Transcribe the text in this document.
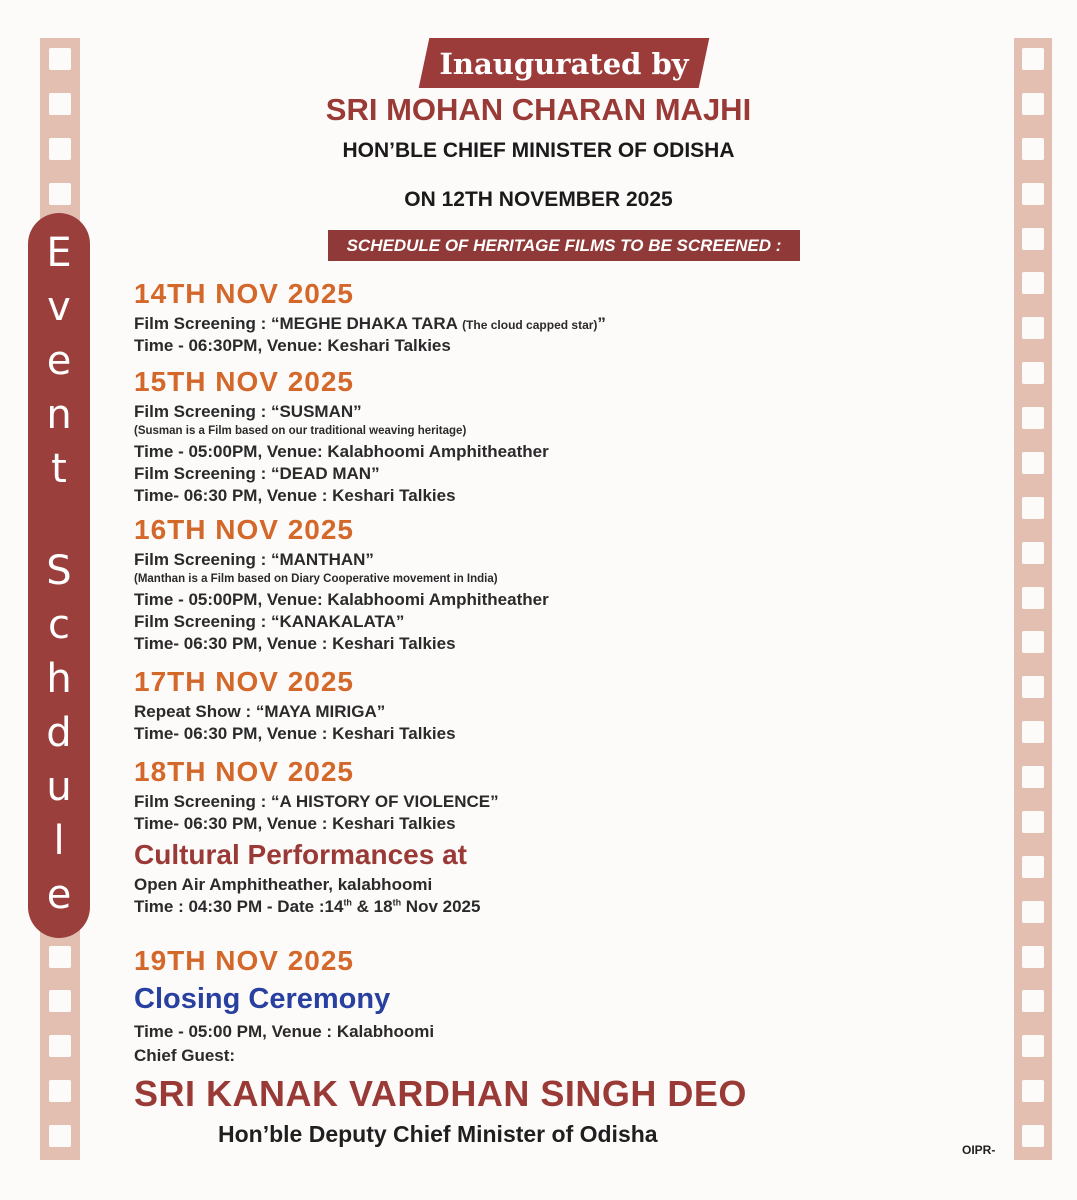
E
v
e
n
t
S
c
h
d
u
l
e
Inaugurated by
SRI MOHAN CHARAN MAJHI
HON’BLE CHIEF MINISTER OF ODISHA
ON 12TH NOVEMBER 2025
SCHEDULE OF HERITAGE FILMS TO BE SCREENED :
14TH NOV 2025
Film Screening : “MEGHE DHAKA TARA (The cloud capped star)”
Time - 06:30PM, Venue: Keshari Talkies
15TH NOV 2025
Film Screening : “SUSMAN”
(Susman is a Film based on our traditional weaving heritage)
Time - 05:00PM, Venue: Kalabhoomi Amphitheather
Film Screening : “DEAD MAN”
Time- 06:30 PM, Venue : Keshari Talkies
16TH NOV 2025
Film Screening : “MANTHAN”
(Manthan is a Film based on Diary Cooperative movement in India)
Time - 05:00PM, Venue: Kalabhoomi Amphitheather
Film Screening : “KANAKALATA”
Time- 06:30 PM, Venue : Keshari Talkies
17TH NOV 2025
Repeat Show : “MAYA MIRIGA”
Time- 06:30 PM, Venue : Keshari Talkies
18TH NOV 2025
Film Screening : “A HISTORY OF VIOLENCE”
Time- 06:30 PM, Venue : Keshari Talkies
Cultural Performances at
Open Air Amphitheather, kalabhoomi
Time : 04:30 PM - Date :14th & 18th Nov 2025
19TH NOV 2025
Closing Ceremony
Time - 05:00 PM, Venue : Kalabhoomi
Chief Guest:
SRI KANAK VARDHAN SINGH DEO
Hon’ble Deputy Chief Minister of Odisha
OIPR-
